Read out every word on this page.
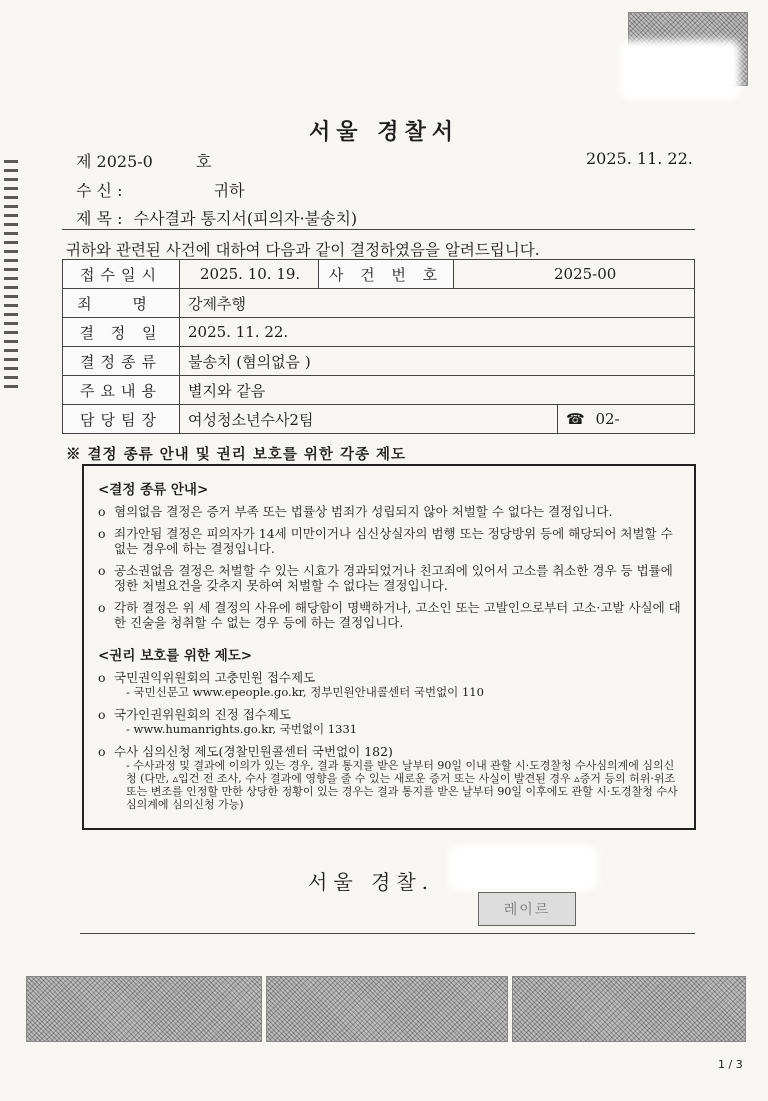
서울 경찰서
제 2025-0	호	2025. 11. 22.
수 신 :	귀하
제 목 : 수사결과 통지서(피의자·불송치)
귀하와 관련된 사건에 대하여 다음과 같이 결정하였음을 알려드립니다.
접수일시	2025. 10. 19.	사 건 번 호	2025-00	
죄 명	강제추행			
결 정 일	2025. 11. 22.			
결정종류	불송치 (혐의없음 )			
주요내용	별지와 같음			
담당팀장	여성청소년수사2팀			☎ 02-
※ 결정 종류 안내 및 권리 보호를 위한 각종 제도

<결정 종류 안내>

o 혐의없음 결정은 증거 부족 또는 법률상 범죄가 성립되지 않아 처벌할 수 없다는 결정입니다.
o 죄가안됨 결정은 피의자가 14세 미만이거나 심신상실자의 범행 또는 정당방위 등에 해당되어 처벌할 수 없는 경우에 하는 결정입니다.
o 공소권없음 결정은 처벌할 수 있는 시효가 경과되었거나 친고죄에 있어서 고소를 취소한 경우 등 법률에 정한 처벌요건을 갖추지 못하여 처벌할 수 없다는 결정입니다.
o 각하 결정은 위 세 결정의 사유에 해당함이 명백하거나, 고소인 또는 고발인으로부터 고소·고발 사실에 대한 진술을 청취할 수 없는 경우 등에 하는 결정입니다.

<권리 보호를 위한 제도>

o 국민권익위원회의 고충민원 접수제도
- 국민신문고 www.epeople.go.kr, 정부민원안내콜센터 국번없이 110
o 국가인권위원회의 진정 접수제도
- www.humanrights.go.kr, 국번없이 1331
o 수사 심의신청 제도(경찰민원콜센터 국번없이 182)
- 수사과정 및 결과에 이의가 있는 경우, 결과 통지를 받은 날부터 90일 이내 관할 시·도경찰청 수사심의계에 심의신청 (다만, ▵입건 전 조사, 수사 결과에 영향을 줄 수 있는 새로운 증거 또는 사실이 발견된 경우 ▵증거 등의 허위·위조 또는 변조를 인정할 만한 상당한 정황이 있는 경우는 결과 통지를 받은 날부터 90일 이후에도 관할 시·도경찰청 수사심의계에 심의신청 가능)
서울 경찰.
레이르
1 / 3
